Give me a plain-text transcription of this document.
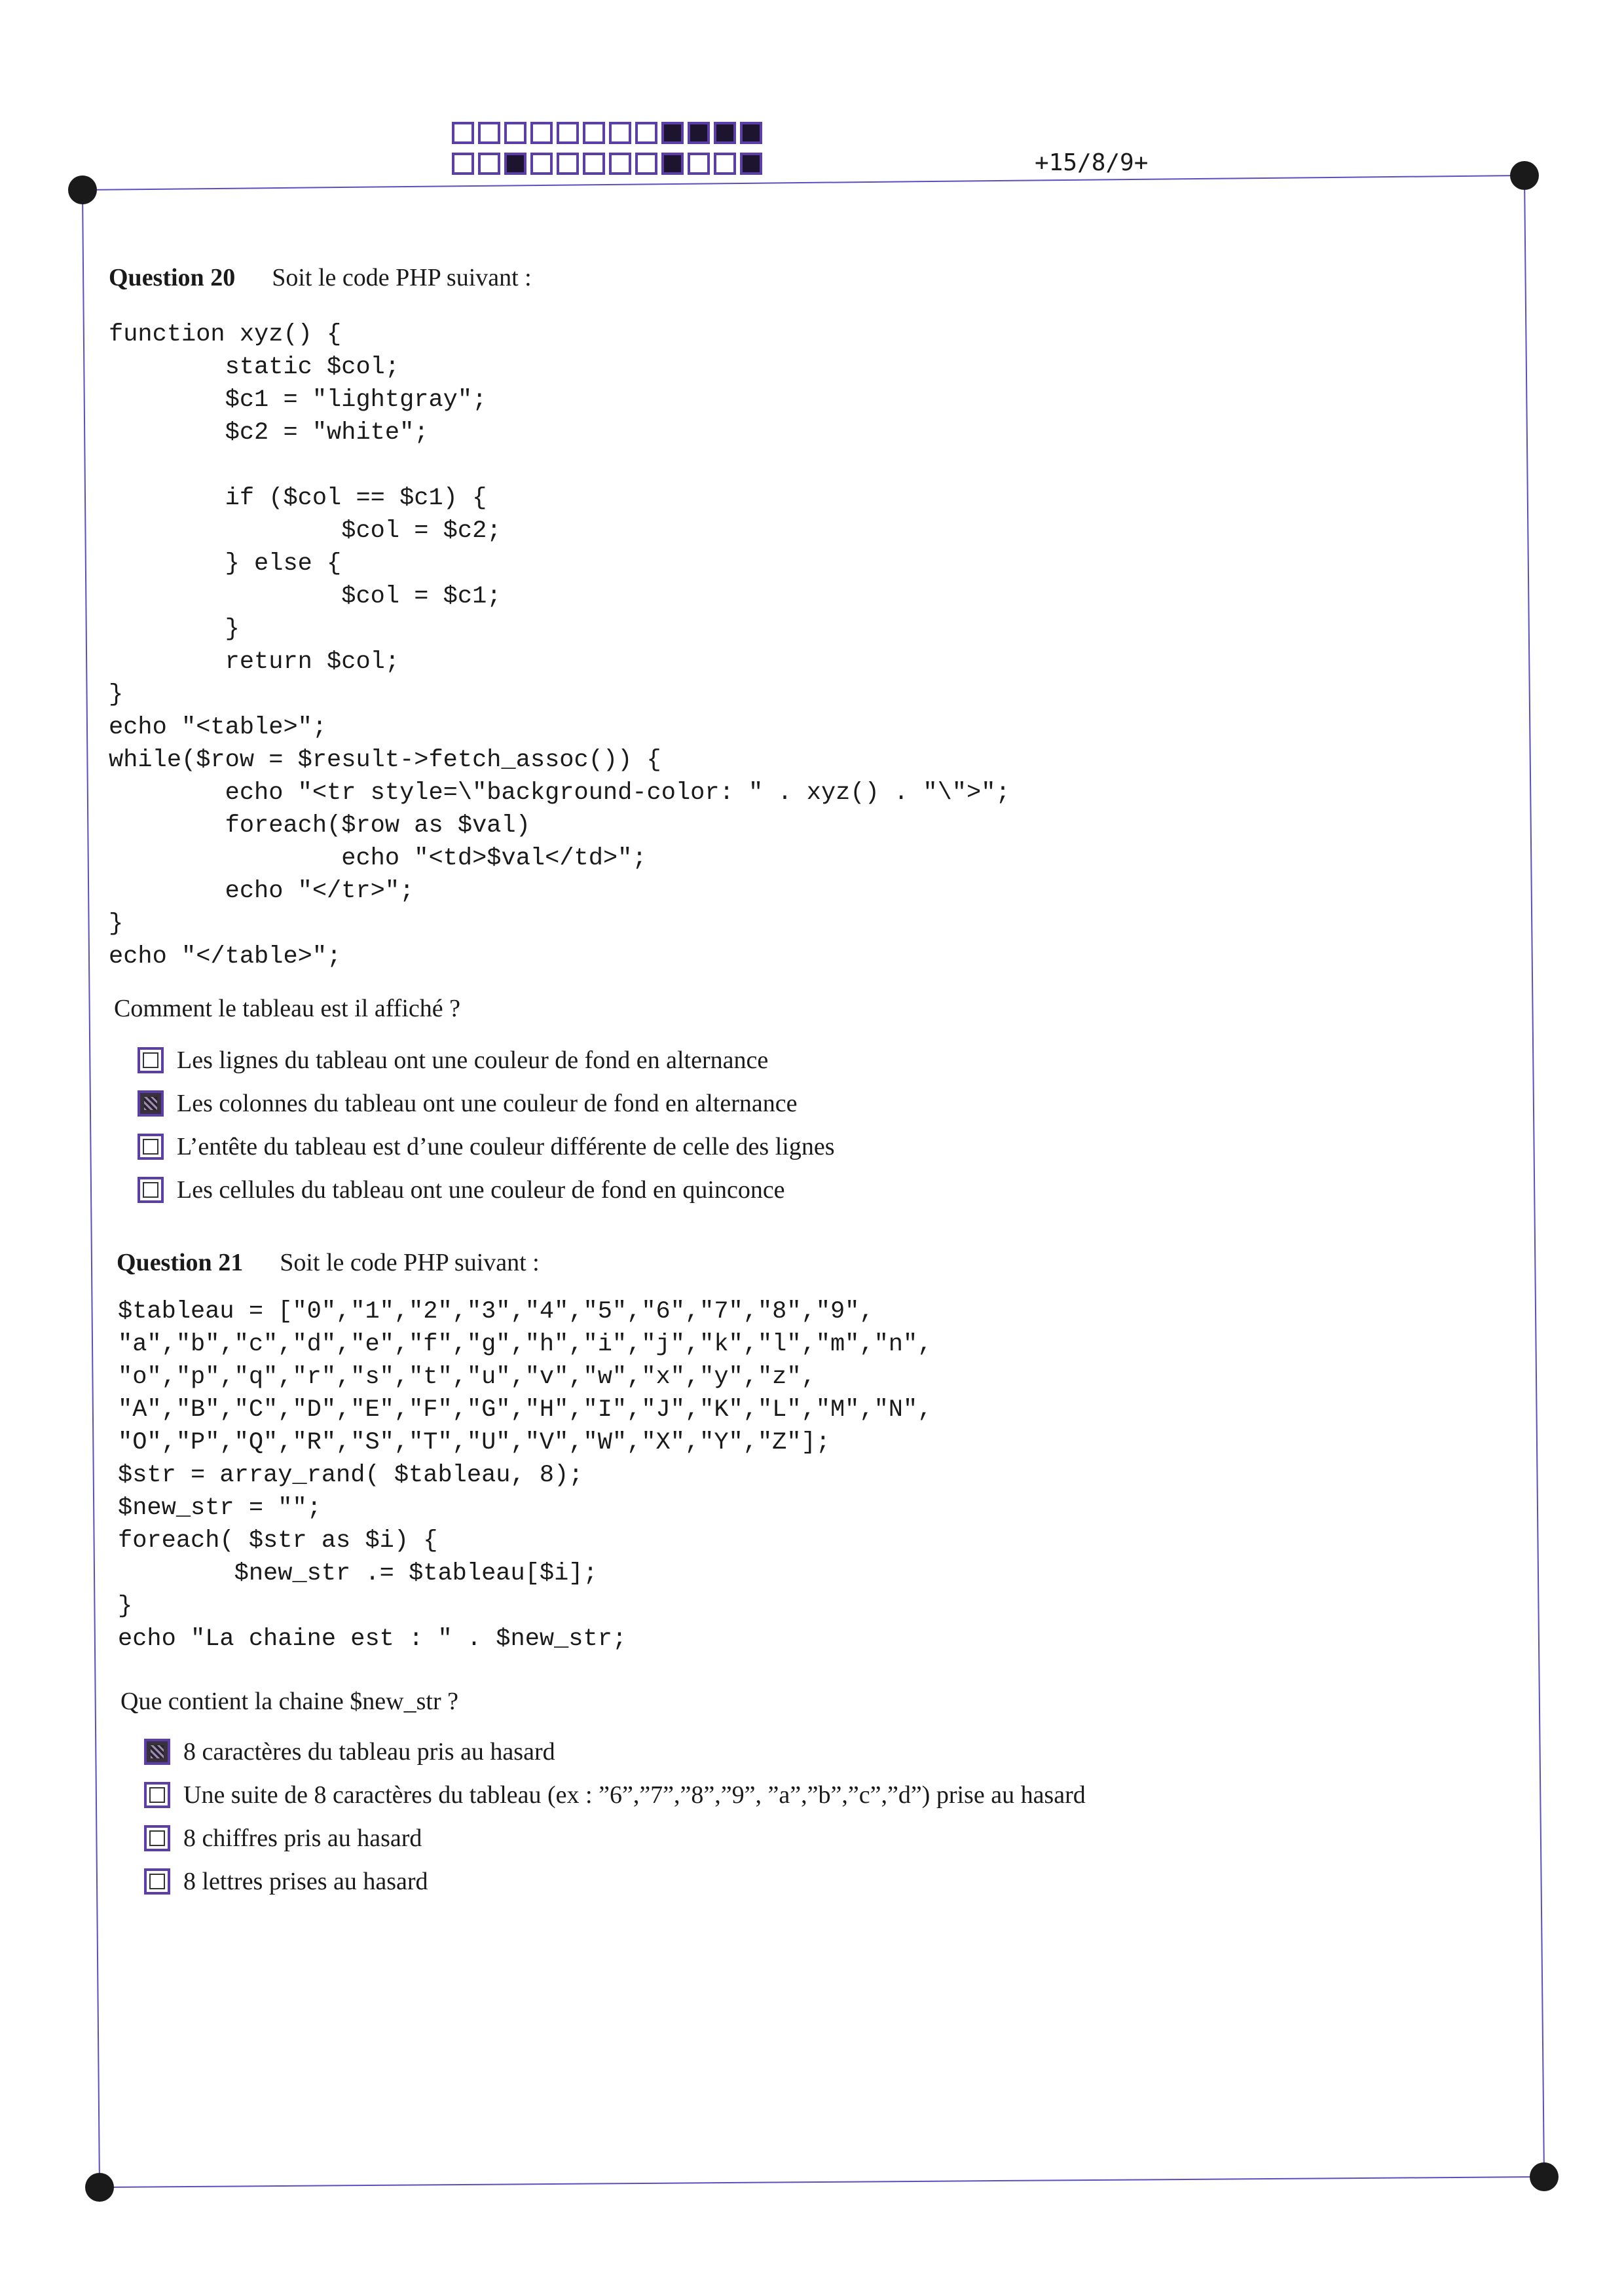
+15/8/9+
Question 20 Soit le code PHP suivant :
function xyz() {
static $col;
$c1 = "lightgray";
$c2 = "white";

if ($col == $c1) {
$col = $c2;
} else {
$col = $c1;
}
return $col;
}
echo "<table>";
while($row = $result->fetch_assoc()) {
echo "<tr style=\"background-color: " . xyz() . "\">";
foreach($row as $val)
echo "<td>$val</td>";
echo "</tr>";
}
echo "</table>";
Comment le tableau est il affiché ?
Les lignes du tableau ont une couleur de fond en alternance
Les colonnes du tableau ont une couleur de fond en alternance
L’entête du tableau est d’une couleur différente de celle des lignes
Les cellules du tableau ont une couleur de fond en quinconce
Question 21 Soit le code PHP suivant :
$tableau = ["0","1","2","3","4","5","6","7","8","9",
"a","b","c","d","e","f","g","h","i","j","k","l","m","n",
"o","p","q","r","s","t","u","v","w","x","y","z",
"A","B","C","D","E","F","G","H","I","J","K","L","M","N",
"O","P","Q","R","S","T","U","V","W","X","Y","Z"];
$str = array_rand( $tableau, 8);
$new_str = "";
foreach( $str as $i) {
$new_str .= $tableau[$i];
}
echo "La chaine est : " . $new_str;
Que contient la chaine $new_str ?
8 caractères du tableau pris au hasard
Une suite de 8 caractères du tableau (ex : ”6”,”7”,”8”,”9”, ”a”,”b”,”c”,”d”) prise au hasard
8 chiffres pris au hasard
8 lettres prises au hasard
